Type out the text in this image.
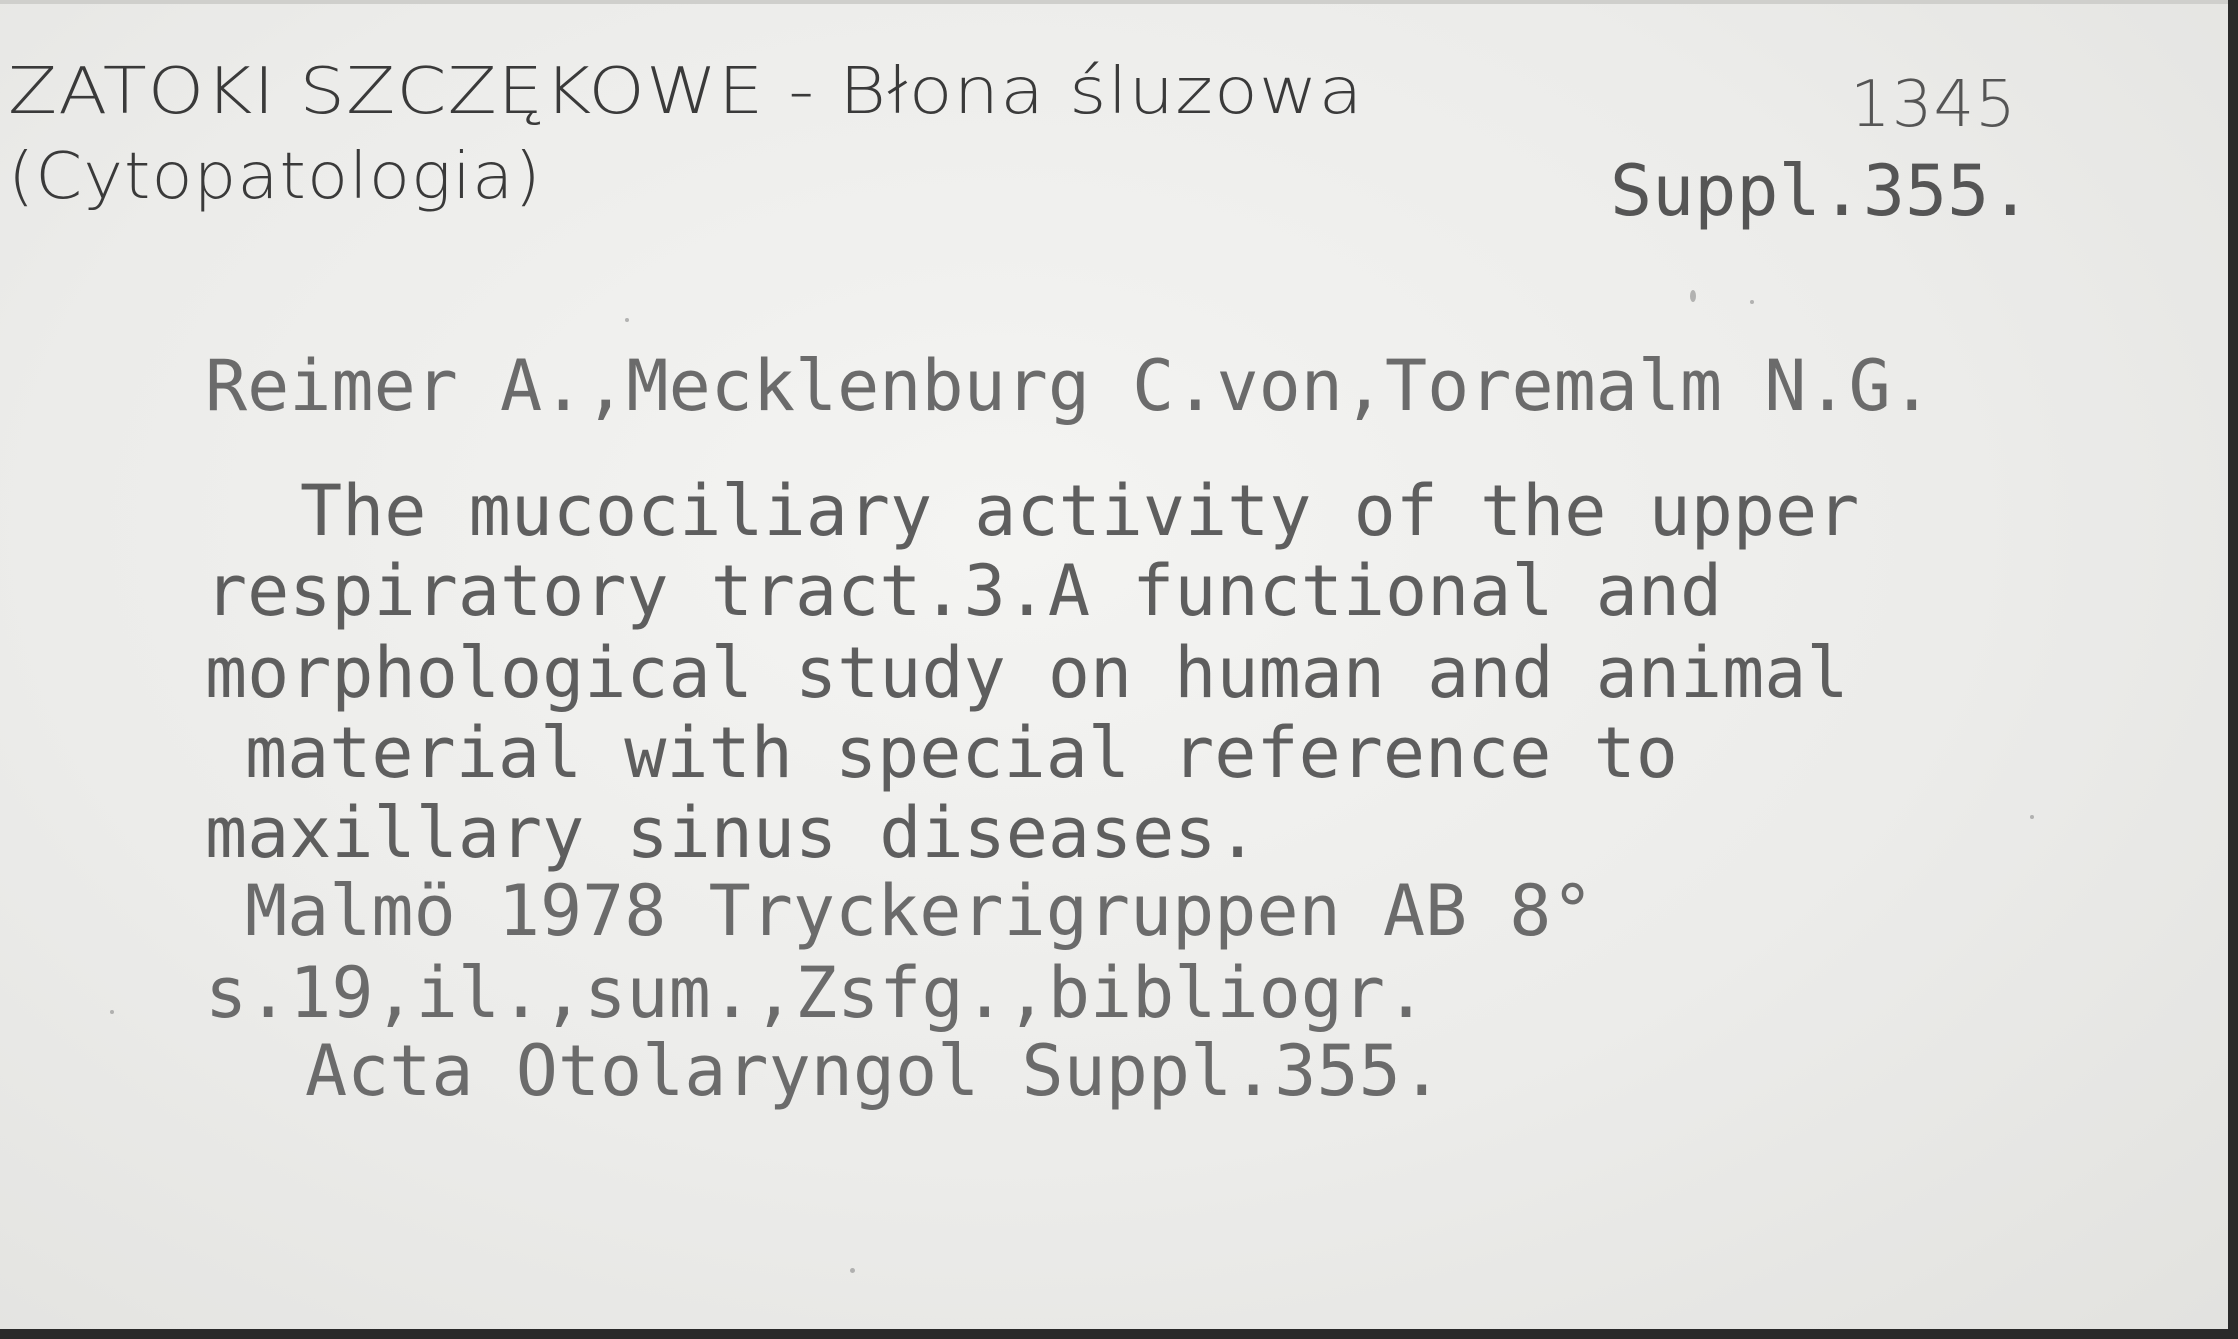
ZATOKI SZCZĘKOWE - Błona śluzowa
(Cytopatologia)
1345
Suppl.355.
Reimer A.,Mecklenburg C.von,Toremalm N.G.
The mucociliary activity of the upper
respiratory tract.3.A functional and
morphological study on human and animal
material with special reference to
maxillary sinus diseases.
Malmö 1978 Tryckerigruppen AB 8°
s.19,il.,sum.,Zsfg.,bibliogr.
Acta Otolaryngol Suppl.355.
